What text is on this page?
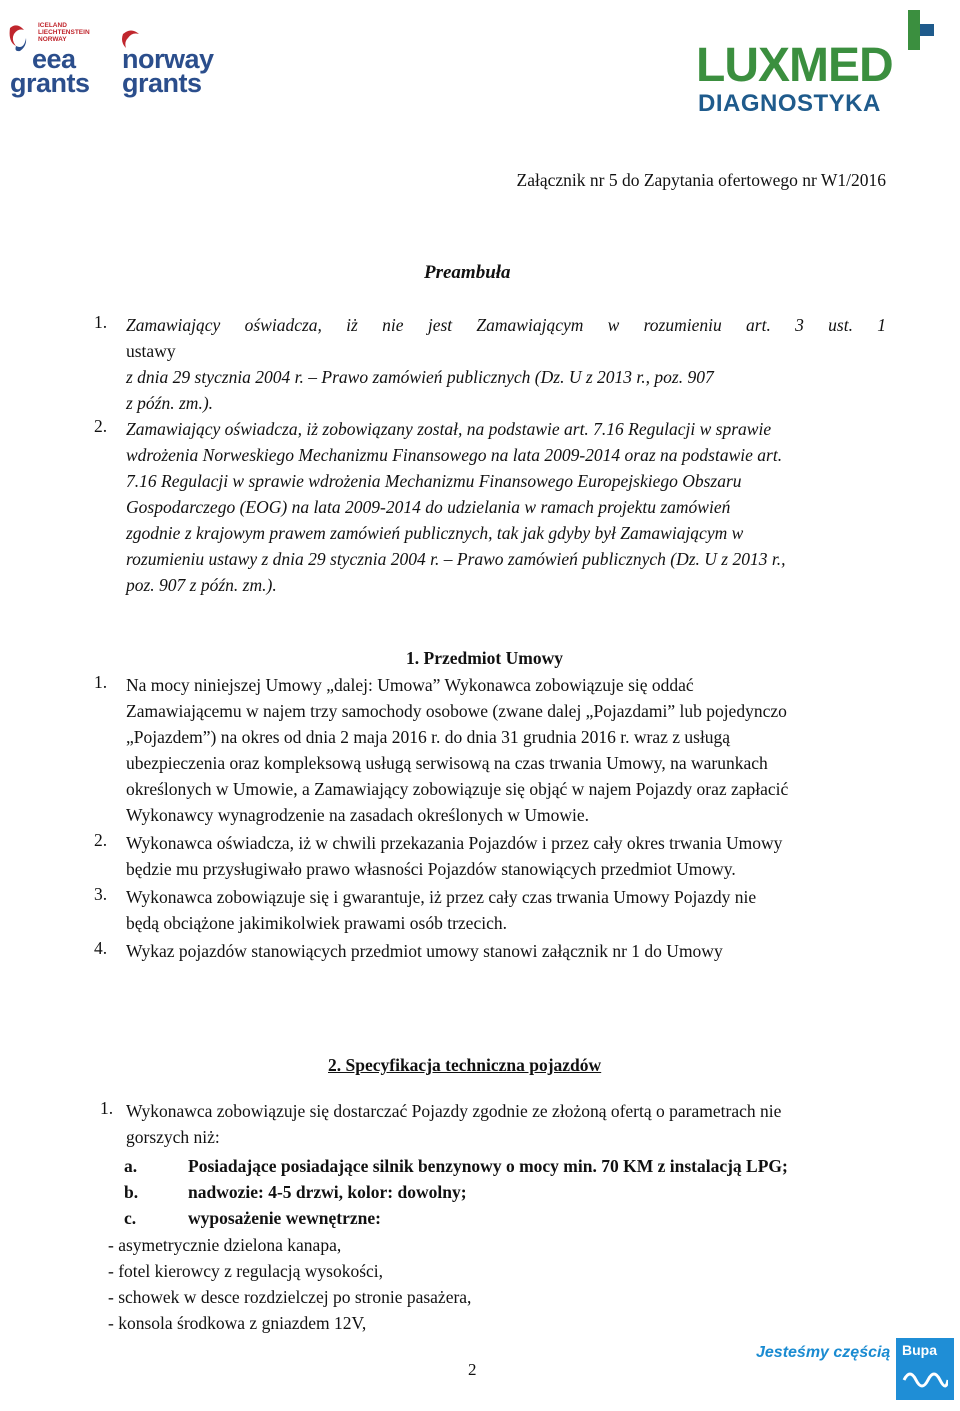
ICELAND
LIECHTENSTEIN
NORWAY
eea
grants
norway
grants	LUXMED
DIAGNOSTYKA
Załącznik nr 5 do Zapytania ofertowego nr W1/2016
Preambuła
1. Zamawiający oświadcza, iż nie jest Zamawiającym w rozumieniu art. 3 ust. 1
ustawy
z dnia 29 stycznia 2004 r. – Prawo zamówień publicznych (Dz. U z 2013 r., poz. 907
z późn. zm.).
2. Zamawiający oświadcza, iż zobowiązany został, na podstawie art. 7.16 Regulacji w sprawie
wdrożenia Norweskiego Mechanizmu Finansowego na lata 2009-2014 oraz na podstawie art.
7.16 Regulacji w sprawie wdrożenia Mechanizmu Finansowego Europejskiego Obszaru
Gospodarczego (EOG) na lata 2009-2014 do udzielania w ramach projektu zamówień
zgodnie z krajowym prawem zamówień publicznych, tak jak gdyby był Zamawiającym w
rozumieniu ustawy z dnia 29 stycznia 2004 r. – Prawo zamówień publicznych (Dz. U z 2013 r.,
poz. 907 z późn. zm.).
1. Przedmiot Umowy
1. Na mocy niniejszej Umowy „dalej: Umowa” Wykonawca zobowiązuje się oddać
Zamawiającemu w najem trzy samochody osobowe (zwane dalej „Pojazdami” lub pojedynczo
„Pojazdem”) na okres od dnia 2 maja 2016 r. do dnia 31 grudnia 2016 r. wraz z usługą
ubezpieczenia oraz kompleksową usługą serwisową na czas trwania Umowy, na warunkach
określonych w Umowie, a Zamawiający zobowiązuje się objąć w najem Pojazdy oraz zapłacić
Wykonawcy wynagrodzenie na zasadach określonych w Umowie.
2. Wykonawca oświadcza, iż w chwili przekazania Pojazdów i przez cały okres trwania Umowy
będzie mu przysługiwało prawo własności Pojazdów stanowiących przedmiot Umowy.
3. Wykonawca zobowiązuje się i gwarantuje, iż przez cały czas trwania Umowy Pojazdy nie
będą obciążone jakimikolwiek prawami osób trzecich.
4. Wykaz pojazdów stanowiących przedmiot umowy stanowi załącznik nr 1 do Umowy
2. Specyfikacja techniczna pojazdów
1. Wykonawca zobowiązuje się dostarczać Pojazdy zgodnie ze złożoną ofertą o parametrach nie
gorszych niż:
a.	Posiadające posiadające silnik benzynowy o mocy min. 70 KM z instalacją LPG;
b.	nadwozie: 4-5 drzwi, kolor: dowolny;
c.	wyposażenie wewnętrzne:
- asymetrycznie dzielona kanapa,
- fotel kierowcy z regulacją wysokości,
- schowek w desce rozdzielczej po stronie pasażera,
- konsola środkowa z gniazdem 12V,
2
Jesteśmy częścią Bupa
